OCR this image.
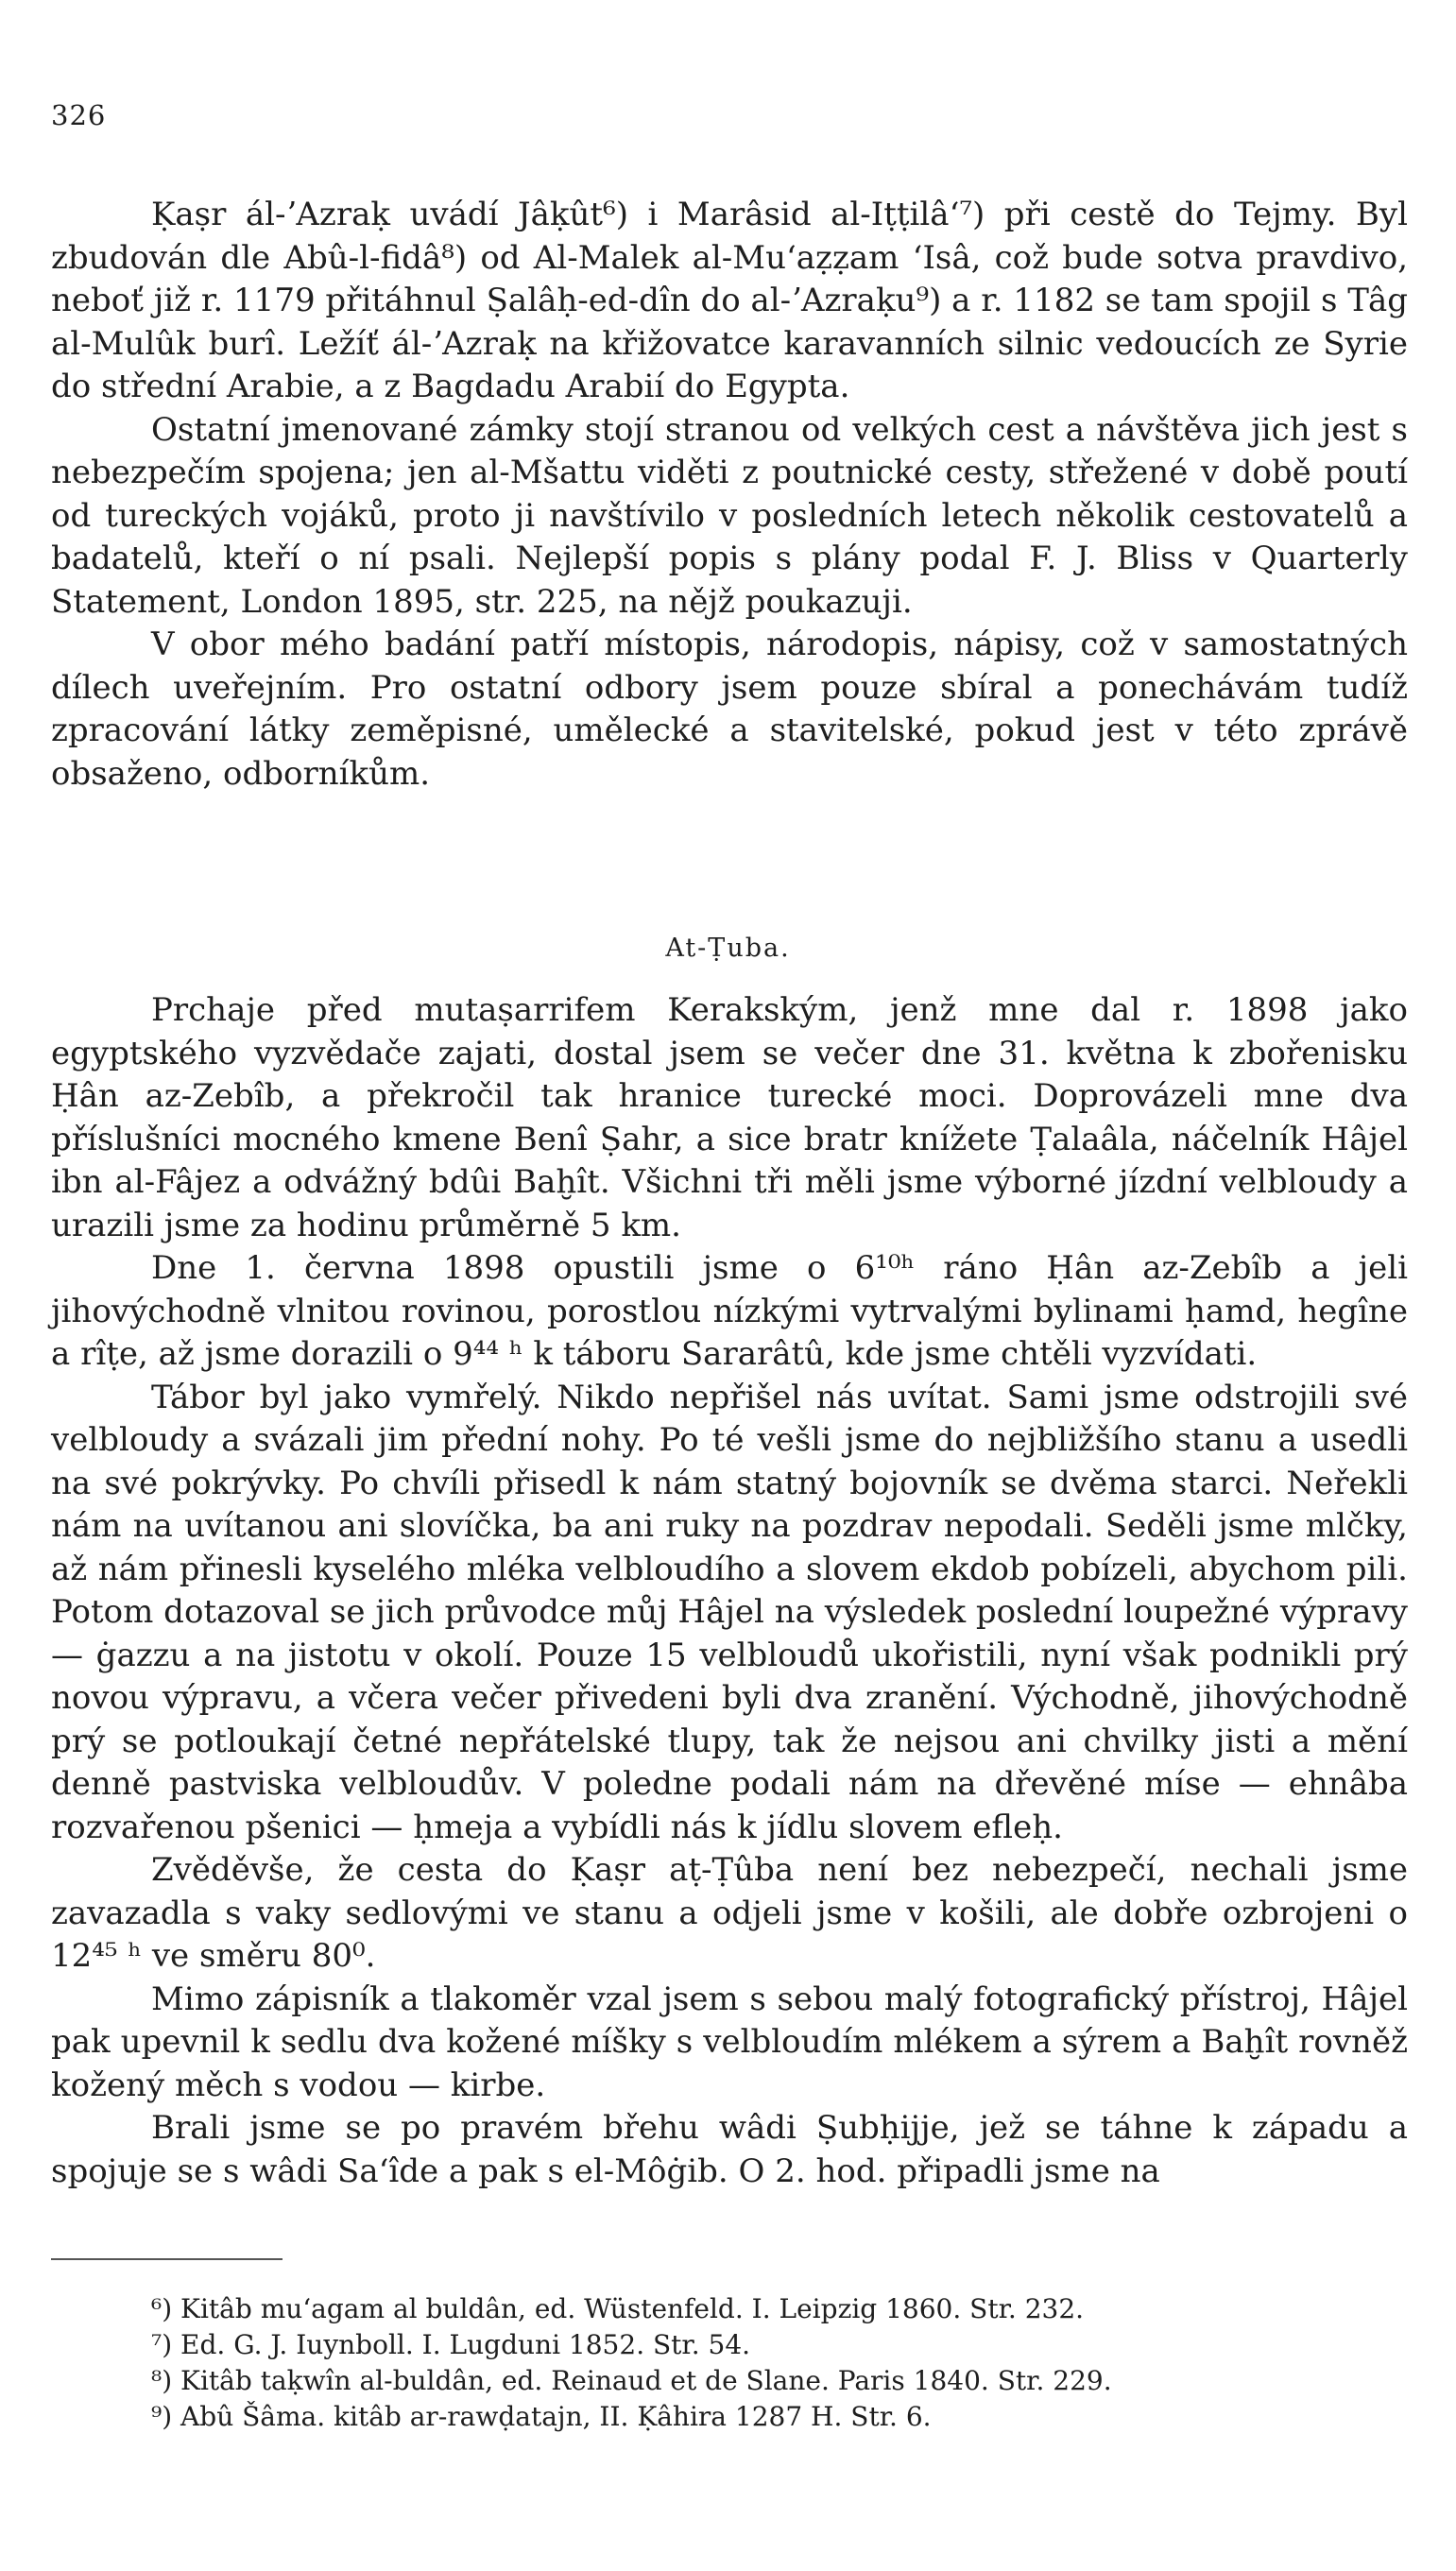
326

Ḳaṣr ál-ʼAzraḳ uvádí Jâḳût⁶) i Marâsid al-Iṭṭilâʻ⁷) při cestě do Tejmy. Byl zbudován dle Abû-l-fidâ⁸) od Al-Malek al-Muʻaẓẓam ʻIsâ, což bude sotva pravdivo, neboť již r. 1179 přitáhnul Ṣalâḥ-ed-dîn do al-ʼAzraḳu⁹) a r. 1182 se tam spojil s Tâg al-Mulûk burî. Ležíť ál-ʼAzraḳ na křižovatce karavanních silnic vedoucích ze Syrie do střední Arabie, a z Bagdadu Arabií do Egypta.

Ostatní jmenované zámky stojí stranou od velkých cest a návštěva jich jest s nebezpečím spojena; jen al-Mšattu viděti z poutnické cesty, střežené v době poutí od tureckých vojáků, proto ji navštívilo v posledních letech několik cestovatelů a badatelů, kteří o ní psali. Nejlepší popis s plány podal F. J. Bliss v Quarterly Statement, London 1895, str. 225, na nějž poukazuji.

V obor mého badání patří místopis, národopis, nápisy, což v samostatných dílech uveřejním. Pro ostatní odbory jsem pouze sbíral a ponechávám tudíž zpracování látky zeměpisné, umělecké a stavitelské, pokud jest v této zprávě obsaženo, odborníkům.

At-Ṭuba.

Prchaje před mutaṣarrifem Kerakským, jenž mne dal r. 1898 jako egyptského vyzvědače zajati, dostal jsem se večer dne 31. května k zbořenisku Ḥân az-Zebîb, a překročil tak hranice turecké moci. Doprovázeli mne dva příslušníci mocného kmene Benî Ṣahr, a sice bratr knížete Ṭalaâla, náčelník Hâjel ibn al-Fâjez a odvážný bdûi Baḫît. Všichni tři měli jsme výborné jízdní velbloudy a urazili jsme za hodinu průměrně 5 km.

Dne 1. června 1898 opustili jsme o 6¹⁰ʰ ráno Ḥân az-Zebîb a jeli jihovýchodně vlnitou rovinou, porostlou nízkými vytrvalými bylinami ḥamd, hegîne a rîṭe, až jsme dorazili o 9⁴⁴ ʰ k táboru Sararâtû, kde jsme chtěli vyzvídati.

Tábor byl jako vymřelý. Nikdo nepřišel nás uvítat. Sami jsme odstrojili své velbloudy a svázali jim přední nohy. Po té vešli jsme do nejbližšího stanu a usedli na své pokrývky. Po chvíli přisedl k nám statný bojovník se dvěma starci. Neřekli nám na uvítanou ani slovíčka, ba ani ruky na pozdrav nepodali. Seděli jsme mlčky, až nám přinesli kyselého mléka velbloudího a slovem ekdob pobízeli, abychom pili. Potom dotazoval se jich průvodce můj Hâjel na výsledek poslední loupežné výpravy — ġazzu a na jistotu v okolí. Pouze 15 velbloudů ukořistili, nyní však podnikli prý novou výpravu, a včera večer přivedeni byli dva zranění. Východně, jihovýchodně prý se potloukají četné nepřátelské tlupy, tak že nejsou ani chvilky jisti a mění denně pastviska velbloudův. V poledne podali nám na dřevěné míse — ehnâba rozvařenou pšenici — ḥmeja a vybídli nás k jídlu slovem efleḥ.

Zvěděvše, že cesta do Ḳaṣr aṭ-Ṭûba není bez nebezpečí, nechali jsme zavazadla s vaky sedlovými ve stanu a odjeli jsme v košili, ale dobře ozbrojeni o 12⁴⁵ ʰ ve směru 80⁰.

Mimo zápisník a tlakoměr vzal jsem s sebou malý fotografický přístroj, Hâjel pak upevnil k sedlu dva kožené míšky s velbloudím mlékem a sýrem a Baḫît rovněž kožený měch s vodou — kirbe.

Brali jsme se po pravém břehu wâdi Ṣubḥijje, jež se táhne k západu a spojuje se s wâdi Saʻîde a pak s el-Môġib. O 2. hod. připadli jsme na

⁶) Kitâb muʻagam al buldân, ed. Wüstenfeld. I. Leipzig 1860. Str. 232.
⁷) Ed. G. J. Iuynboll. I. Lugduni 1852. Str. 54.
⁸) Kitâb taḳwîn al-buldân, ed. Reinaud et de Slane. Paris 1840. Str. 229.
⁹) Abû Šâma. kitâb ar-rawḍatajn, II. Ḳâhira 1287 H. Str. 6.
